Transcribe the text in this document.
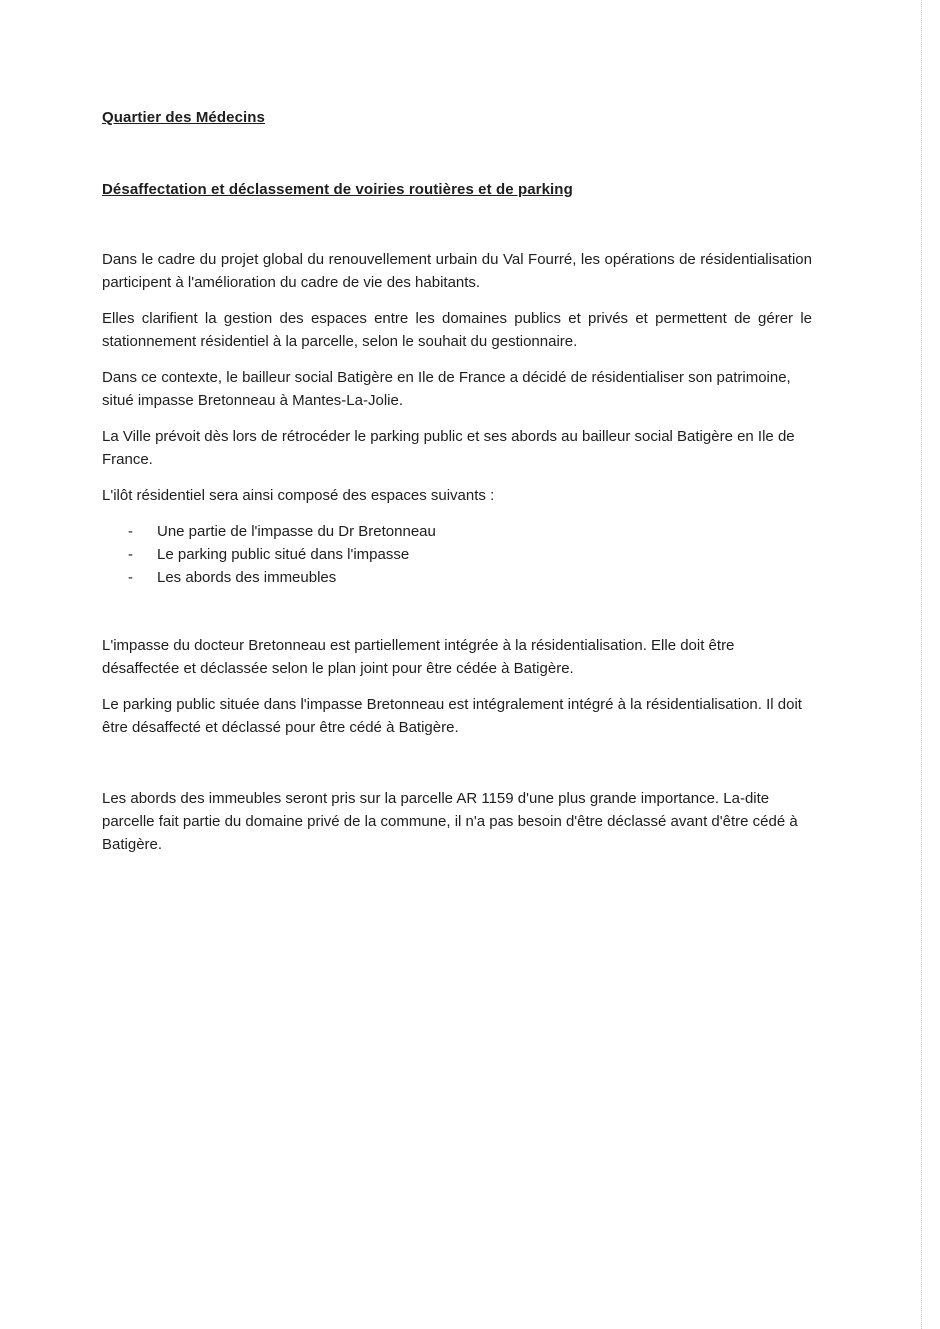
Quartier des Médecins
Désaffectation et déclassement de voiries routières et de parking

Dans le cadre du projet global du renouvellement urbain du Val Fourré, les opérations de résidentialisation participent à l'amélioration du cadre de vie des habitants.

Elles clarifient la gestion des espaces entre les domaines publics et privés et permettent de gérer le stationnement résidentiel à la parcelle, selon le souhait du gestionnaire.

Dans ce contexte, le bailleur social Batigère en Ile de France a décidé de résidentialiser son patrimoine, situé impasse Bretonneau à Mantes-La-Jolie.

La Ville prévoit dès lors de rétrocéder le parking public et ses abords au bailleur social Batigère en Ile de France.

L'ilôt résidentiel sera ainsi composé des espaces suivants :

- Une partie de l'impasse du Dr Bretonneau
- Le parking public situé dans l'impasse
- Les abords des immeubles

L'impasse du docteur Bretonneau est partiellement intégrée à la résidentialisation. Elle doit être désaffectée et déclassée selon le plan joint pour être cédée à Batigère.

Le parking public située dans l'impasse Bretonneau est intégralement intégré à la résidentialisation. Il doit être désaffecté et déclassé pour être cédé à Batigère.

Les abords des immeubles seront pris sur la parcelle AR 1159 d'une plus grande importance. La-dite parcelle fait partie du domaine privé de la commune, il n'a pas besoin d'être déclassé avant d'être cédé à Batigère.
